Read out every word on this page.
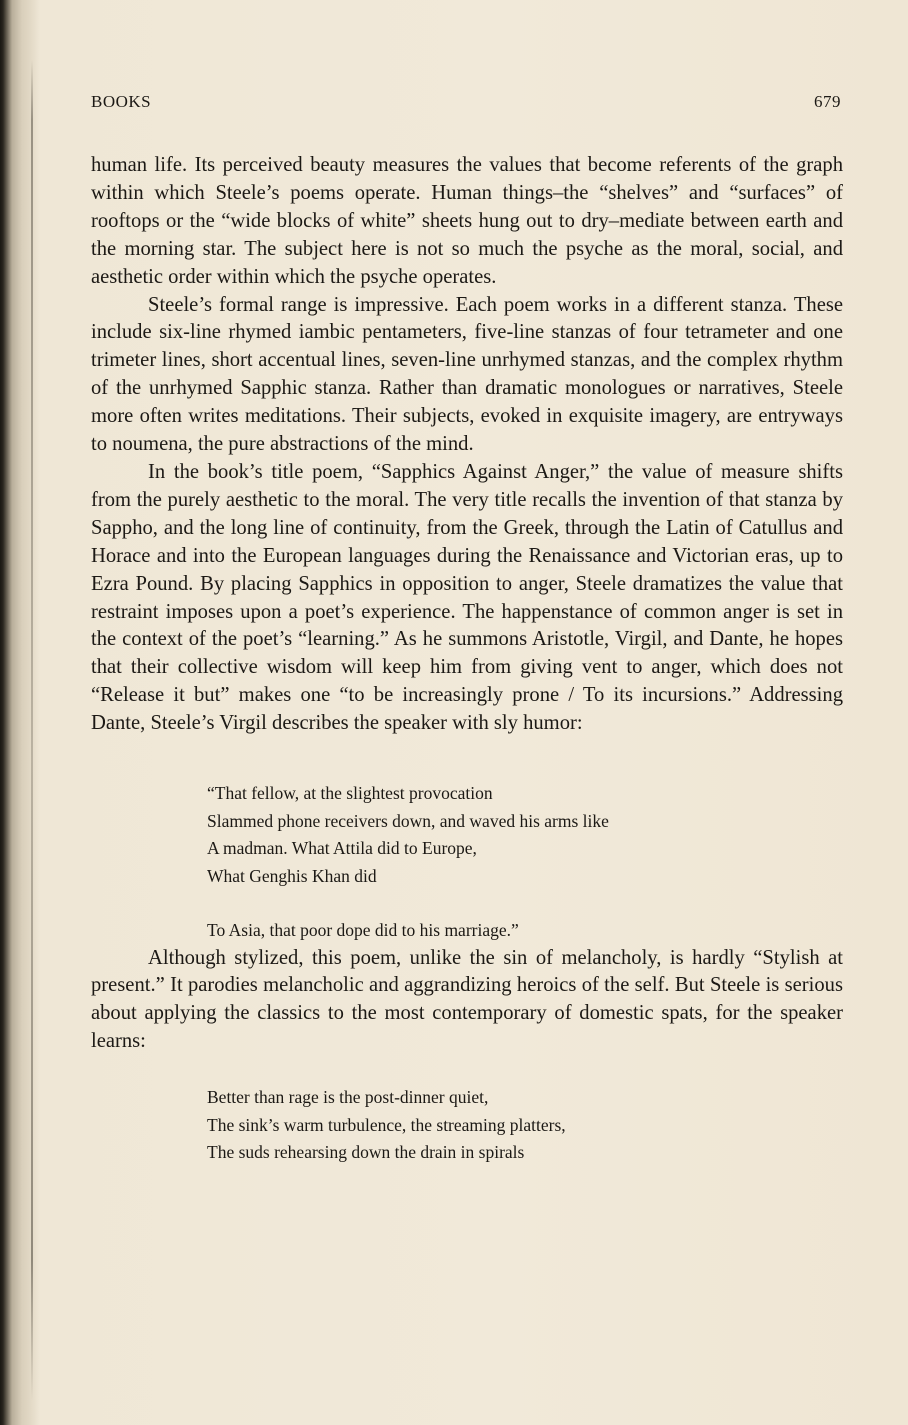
BOOKS	679

human life. Its perceived beauty measures the values that become referents of the graph within which Steele’s poems operate. Human things–the “shelves” and “surfaces” of rooftops or the “wide blocks of white” sheets hung out to dry–mediate between earth and the morning star. The subject here is not so much the psyche as the moral, social, and aesthetic order within which the psyche operates.

Steele’s formal range is impressive. Each poem works in a different stanza. These include six-line rhymed iambic pentameters, five-line stanzas of four tetrameter and one trimeter lines, short accentual lines, seven-line unrhymed stanzas, and the complex rhythm of the unrhymed Sapphic stanza. Rather than dramatic monologues or narratives, Steele more often writes meditations. Their subjects, evoked in exquisite imagery, are entryways to noumena, the pure abstractions of the mind.

In the book’s title poem, “Sapphics Against Anger,” the value of measure shifts from the purely aesthetic to the moral. The very title recalls the invention of that stanza by Sappho, and the long line of continuity, from the Greek, through the Latin of Catullus and Horace and into the European languages during the Renaissance and Victorian eras, up to Ezra Pound. By placing Sapphics in opposition to anger, Steele dramatizes the value that restraint imposes upon a poet’s experience. The happenstance of common anger is set in the context of the poet’s “learning.” As he summons Aristotle, Virgil, and Dante, he hopes that their collective wisdom will keep him from giving vent to anger, which does not “Release it but” makes one “to be increasingly prone / To its incursions.” Addressing Dante, Steele’s Virgil describes the speaker with sly humor:

“That fellow, at the slightest provocation
Slammed phone receivers down, and waved his arms like
A madman. What Attila did to Europe,
What Genghis Khan did
To Asia, that poor dope did to his marriage.”

Although stylized, this poem, unlike the sin of melancholy, is hardly “Stylish at present.” It parodies melancholic and aggrandizing heroics of the self. But Steele is serious about applying the classics to the most contemporary of domestic spats, for the speaker learns:

Better than rage is the post-dinner quiet,
The sink’s warm turbulence, the streaming platters,
The suds rehearsing down the drain in spirals
